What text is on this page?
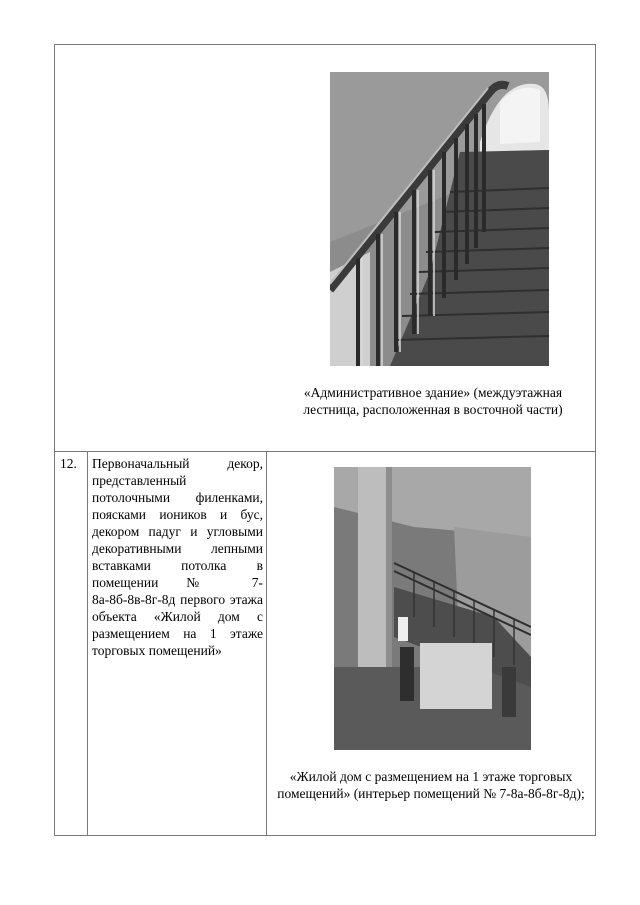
«Административное здание» (междуэтажная лестница, расположенная в восточной части)
12. Первоначальный декор, представленный потолочными филенками, поясками иоников и бус, декором падуг и угловыми декоративными лепными вставками потолка в помещении № 7-8а-8б-8в-8г-8д первого этажа объекта «Жилой дом с размещением на 1 этаже торговых помещений»
«Жилой дом с размещением на 1 этаже торговых помещений» (интерьер помещений № 7-8а-8б-8г-8д);
